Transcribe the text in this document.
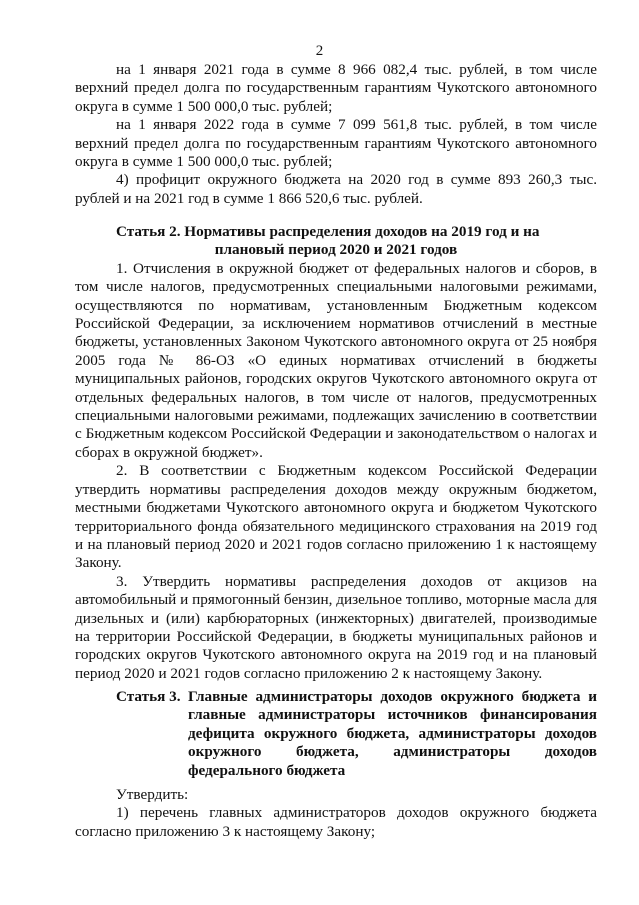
2

на 1 января 2021 года в сумме 8 966 082,4 тыс. рублей, в том числе верхний предел долга по государственным гарантиям Чукотского автономного округа в сумме 1 500 000,0 тыс. рублей;

на 1 января 2022 года в сумме 7 099 561,8 тыс. рублей, в том числе верхний предел долга по государственным гарантиям Чукотского автономного округа в сумме 1 500 000,0 тыс. рублей;

4) профицит окружного бюджета на 2020 год в сумме 893 260,3 тыс. рублей и на 2021 год в сумме 1 866 520,6 тыс. рублей.

Статья 2. Нормативы распределения доходов на 2019 год и на

плановый период 2020 и 2021 годов

1. Отчисления в окружной бюджет от федеральных налогов и сборов, в том числе налогов, предусмотренных специальными налоговыми режимами, осуществляются по нормативам, установленным Бюджетным кодексом Российской Федерации, за исключением нормативов отчислений в местные бюджеты, установленных Законом Чукотского автономного округа от 25 ноября 2005 года № 86-ОЗ «О единых нормативах отчислений в бюджеты муниципальных районов, городских округов Чукотского автономного округа от отдельных федеральных налогов, в том числе от налогов, предусмотренных специальными налоговыми режимами, подлежащих зачислению в соответствии с Бюджетным кодексом Российской Федерации и законодательством о налогах и сборах в окружной бюджет».

2. В соответствии с Бюджетным кодексом Российской Федерации утвердить нормативы распределения доходов между окружным бюджетом, местными бюджетами Чукотского автономного округа и бюджетом Чукотского территориального фонда обязательного медицинского страхования на 2019 год и на плановый период 2020 и 2021 годов согласно приложению 1 к настоящему Закону.

3. Утвердить нормативы распределения доходов от акцизов на автомобильный и прямогонный бензин, дизельное топливо, моторные масла для дизельных и (или) карбюраторных (инжекторных) двигателей, производимые на территории Российской Федерации, в бюджеты муниципальных районов и городских округов Чукотского автономного округа на 2019 год и на плановый период 2020 и 2021 годов согласно приложению 2 к настоящему Закону.

Статья 3. Главные администраторы доходов окружного бюджета и главные администраторы источников финансирования дефицита окружного бюджета, администраторы доходов окружного бюджета, администраторы доходов федерального бюджета

Утвердить:

1) перечень главных администраторов доходов окружного бюджета согласно приложению 3 к настоящему Закону;
